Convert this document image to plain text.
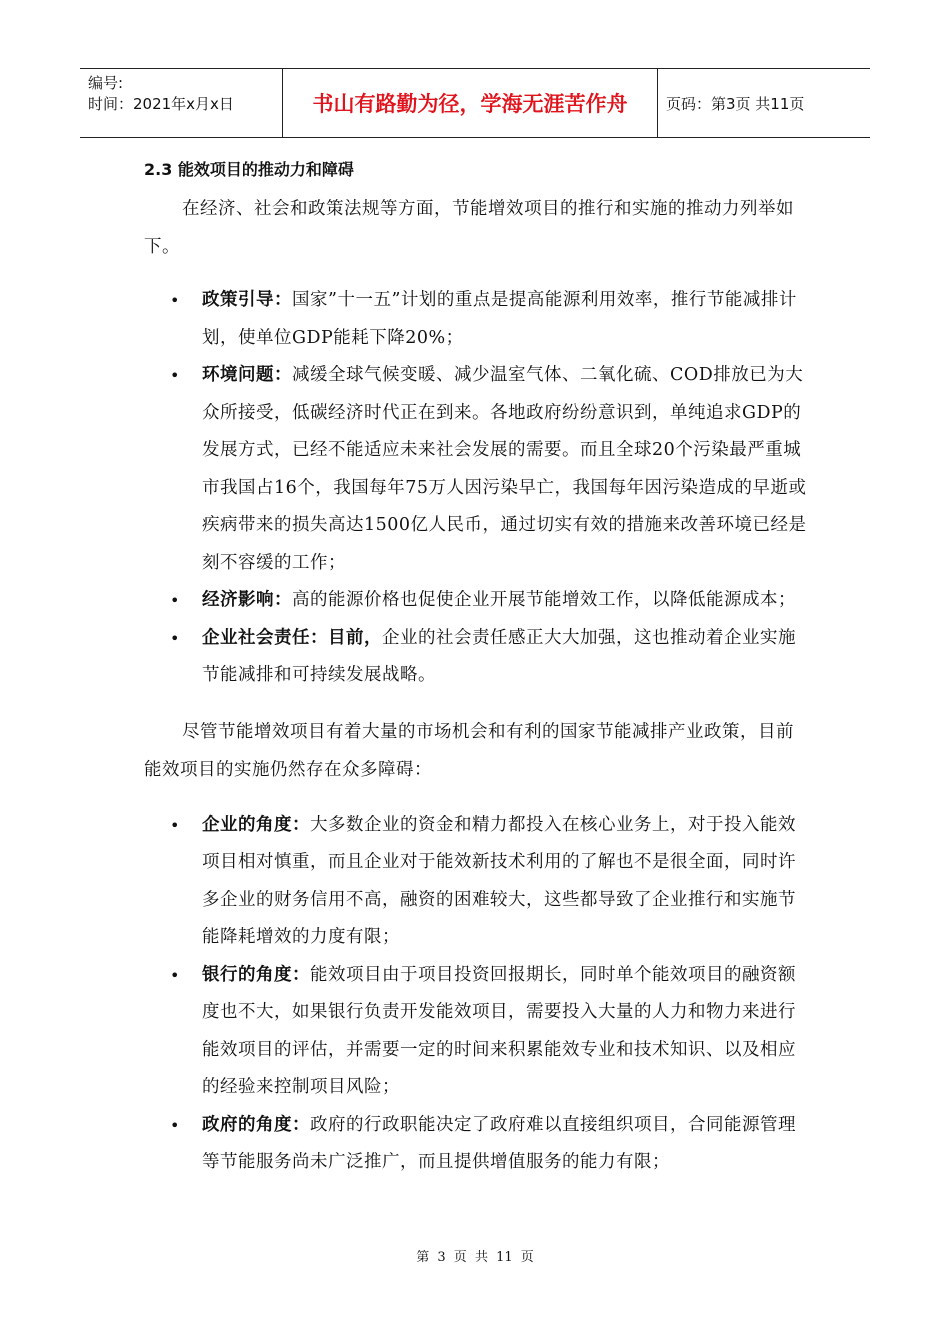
编号:
时间：2021年x月x日	书山有路勤为径，学海无涯苦作舟	页码：第3页 共11页
2.3 能效项目的推动力和障碍

在经济、社会和政策法规等方面，节能增效项目的推行和实施的推动力列举如下。

• 政策引导：国家”十一五”计划的重点是提高能源利用效率，推行节能减排计划，使单位GDP能耗下降20%；
• 环境问题：减缓全球气候变暖、减少温室气体、二氧化硫、COD排放已为大众所接受，低碳经济时代正在到来。各地政府纷纷意识到，单纯追求GDP的发展方式，已经不能适应未来社会发展的需要。而且全球20个污染最严重城市我国占16个，我国每年75万人因污染早亡，我国每年因污染造成的早逝或疾病带来的损失高达1500亿人民币，通过切实有效的措施来改善环境已经是刻不容缓的工作；
• 经济影响：高的能源价格也促使企业开展节能增效工作，以降低能源成本；
• 企业社会责任：目前，企业的社会责任感正大大加强，这也推动着企业实施节能减排和可持续发展战略。

尽管节能增效项目有着大量的市场机会和有利的国家节能减排产业政策，目前能效项目的实施仍然存在众多障碍：

• 企业的角度：大多数企业的资金和精力都投入在核心业务上，对于投入能效项目相对慎重，而且企业对于能效新技术利用的了解也不是很全面，同时许多企业的财务信用不高，融资的困难较大，这些都导致了企业推行和实施节能降耗增效的力度有限；
• 银行的角度：能效项目由于项目投资回报期长，同时单个能效项目的融资额度也不大，如果银行负责开发能效项目，需要投入大量的人力和物力来进行能效项目的评估，并需要一定的时间来积累能效专业和技术知识、以及相应的经验来控制项目风险；
• 政府的角度：政府的行政职能决定了政府难以直接组织项目，合同能源管理等节能服务尚未广泛推广，而且提供增值服务的能力有限；
第 3 页 共 11 页
